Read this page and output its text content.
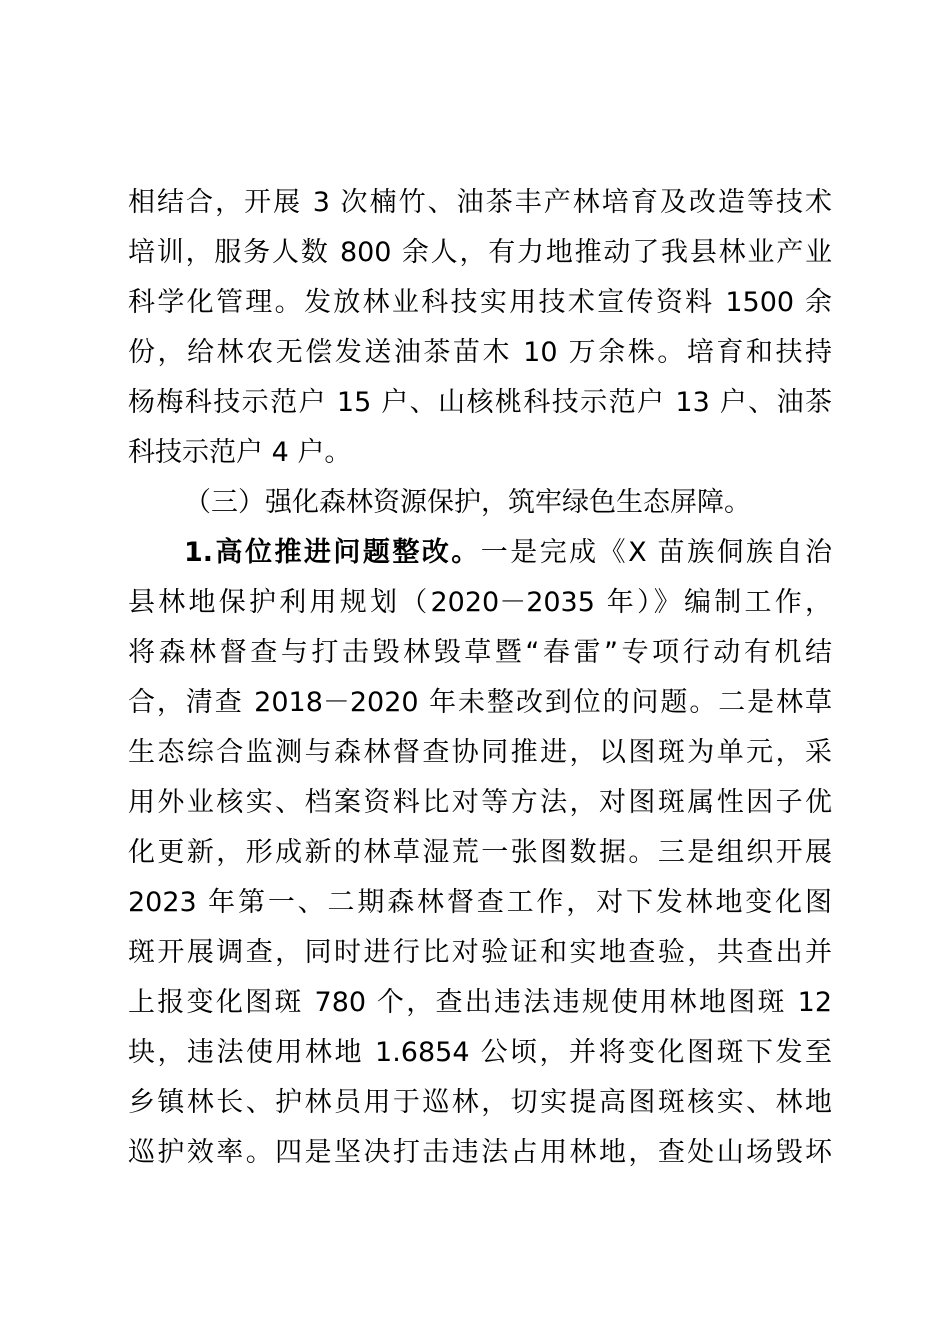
相结合，开展 3 次楠竹、油茶丰产林培育及改造等技术
培训，服务人数 800 余人，有力地推动了我县林业产业
科学化管理。发放林业科技实用技术宣传资料 1500 余
份，给林农无偿发送油茶苗木 10 万余株。培育和扶持
杨梅科技示范户 15 户、山核桃科技示范户 13 户、油茶
科技示范户 4 户。
（三）强化森林资源保护，筑牢绿色生态屏障。
1.高位推进问题整改。一是完成《X 苗族侗族自治
县林地保护利用规划（2020－2035 年）》编制工作，
将森林督查与打击毁林毁草暨“春雷”专项行动有机结
合，清查 2018－2020 年未整改到位的问题。二是林草
生态综合监测与森林督查协同推进，以图斑为单元，采
用外业核实、档案资料比对等方法，对图斑属性因子优
化更新，形成新的林草湿荒一张图数据。三是组织开展
2023 年第一、二期森林督查工作，对下发林地变化图
斑开展调查，同时进行比对验证和实地查验，共查出并
上报变化图斑 780 个，查出违法违规使用林地图斑 12
块，违法使用林地 1.6854 公顷，并将变化图斑下发至
乡镇林长、护林员用于巡林，切实提高图斑核实、林地
巡护效率。四是坚决打击违法占用林地，查处山场毁坏
